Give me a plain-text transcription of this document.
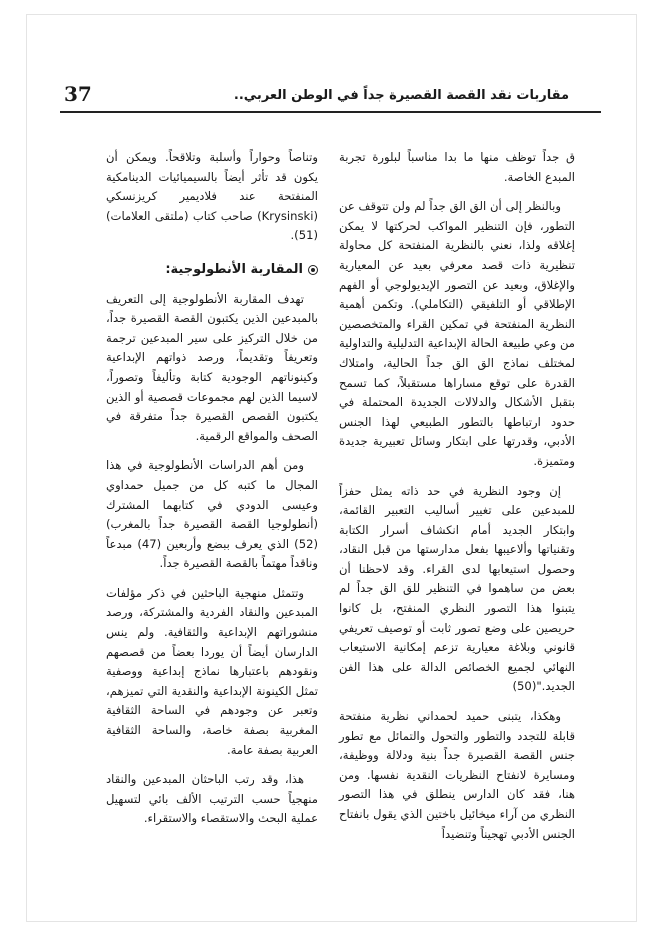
37	مقاربات نقد القصة القصيرة جداً في الوطن العربي..

ق جداً توظف منها ما بدا مناسباً لبلورة تجربة المبدع الخاصة.

وبالنظر إلى أن الق الق جداً لم ولن تتوقف عن التطور، فإن التنظير المواكب لحركتها لا يمكن إغلاقه ولذا، نعني بالنظرية المنفتحة كل محاولة تنظيرية ذات قصد معرفي بعيد عن المعيارية والإغلاق، وبعيد عن التصور الإيديولوجي أو الفهم الإطلاقي أو التلفيقي (التكاملي). وتكمن أهمية النظرية المنفتحة في تمكين القراء والمتخصصين من وعي طبيعة الحالة الإبداعية التدليلية والتداولية لمختلف نماذج الق الق جداً الحالية، وامتلاك القدرة على توقع مساراها مستقبلاً، كما تسمح بتقبل الأشكال والدلالات الجديدة المحتملة في حدود ارتباطها بالتطور الطبيعي لهذا الجنس الأدبي، وقدرتها على ابتكار وسائل تعبيرية جديدة ومتميزة.

إن وجود النظرية في حد ذاته يمثل حفزاً للمبدعين على تغيير أساليب التعبير القائمة، وابتكار الجديد أمام انكشاف أسرار الكتابة وتقنياتها وألاعيبها بفعل مدارستها من قبل النقاد، وحصول استيعابها لدى القراء. وقد لاحظنا أن بعض من ساهموا في التنظير للق الق جداً لم يتبنوا هذا التصور النظري المنفتح، بل كانوا حريصين على وضع تصور ثابت أو توصيف تعريفي قانوني وبلاغة معيارية تزعم إمكانية الاستيعاب النهائي لجميع الخصائص الدالة على هذا الفن الجديد."(50)

وهكذا، يتبنى حميد لحمداني نظرية منفتحة قابلة للتجدد والتطور والتحول والتمائل مع تطور جنس القصة القصيرة جداً بنية ودلالة ووظيفة، ومسايرة لانفتاح النظريات النقدية نفسها. ومن هنا، فقد كان الدارس ينطلق في هذا التصور النظري من آراء ميخائيل باختين الذي يقول بانفتاح الجنس الأدبي تهجيناً وتنضيداً

وتناصاً وحواراً وأسلبة وتلاقحاً. ويمكن أن يكون قد تأثر أيضاً بالسيميائيات الدينامكية المنفتحة عند فلاديمير كريزنسكي (Krysinski) صاحب كتاب (ملتقى العلامات)(51).

المقاربة الأنطولوجية:

تهدف المقاربة الأنطولوجية إلى التعريف بالمبدعين الذين يكتبون القصة القصيرة جداً، من خلال التركيز على سير المبدعين ترجمة وتعريفاً وتقديماً، ورصد ذواتهم الإبداعية وكينوناتهم الوجودية كتابة وتأليفاً وتصوراً، لاسيما الذين لهم مجموعات قصصية أو الذين يكتبون القصص القصيرة جداً متفرقة في الصحف والمواقع الرقمية.

ومن أهم الدراسات الأنطولوجية في هذا المجال ما كتبه كل من جميل حمداوي وعيسى الدودي في كتابهما المشترك (أنطولوجيا القصة القصيرة جداً بالمغرب)(52) الذي يعرف ببضع وأربعين (47) مبدعاً وناقداً مهتماً بالقصة القصيرة جداً.

وتتمثل منهجية الباحثين في ذكر مؤلفات المبدعين والنقاد الفردية والمشتركة، ورصد منشوراتهم الإبداعية والثقافية. ولم ينس الدارسان أيضاً أن يوردا بعضاً من قصصهم ونقودهم باعتبارها نماذج إبداعية ووصفية تمثل الكينونة الإبداعية والنقدية التي تميزهم، وتعبر عن وجودهم في الساحة الثقافية المغربية بصفة خاصة، والساحة الثقافية العربية بصفة عامة.

هذا، وقد رتب الباحثان المبدعين والنقاد منهجياً حسب الترتيب الألف بائي لتسهيل عملية البحث والاستقصاء والاستقراء.
